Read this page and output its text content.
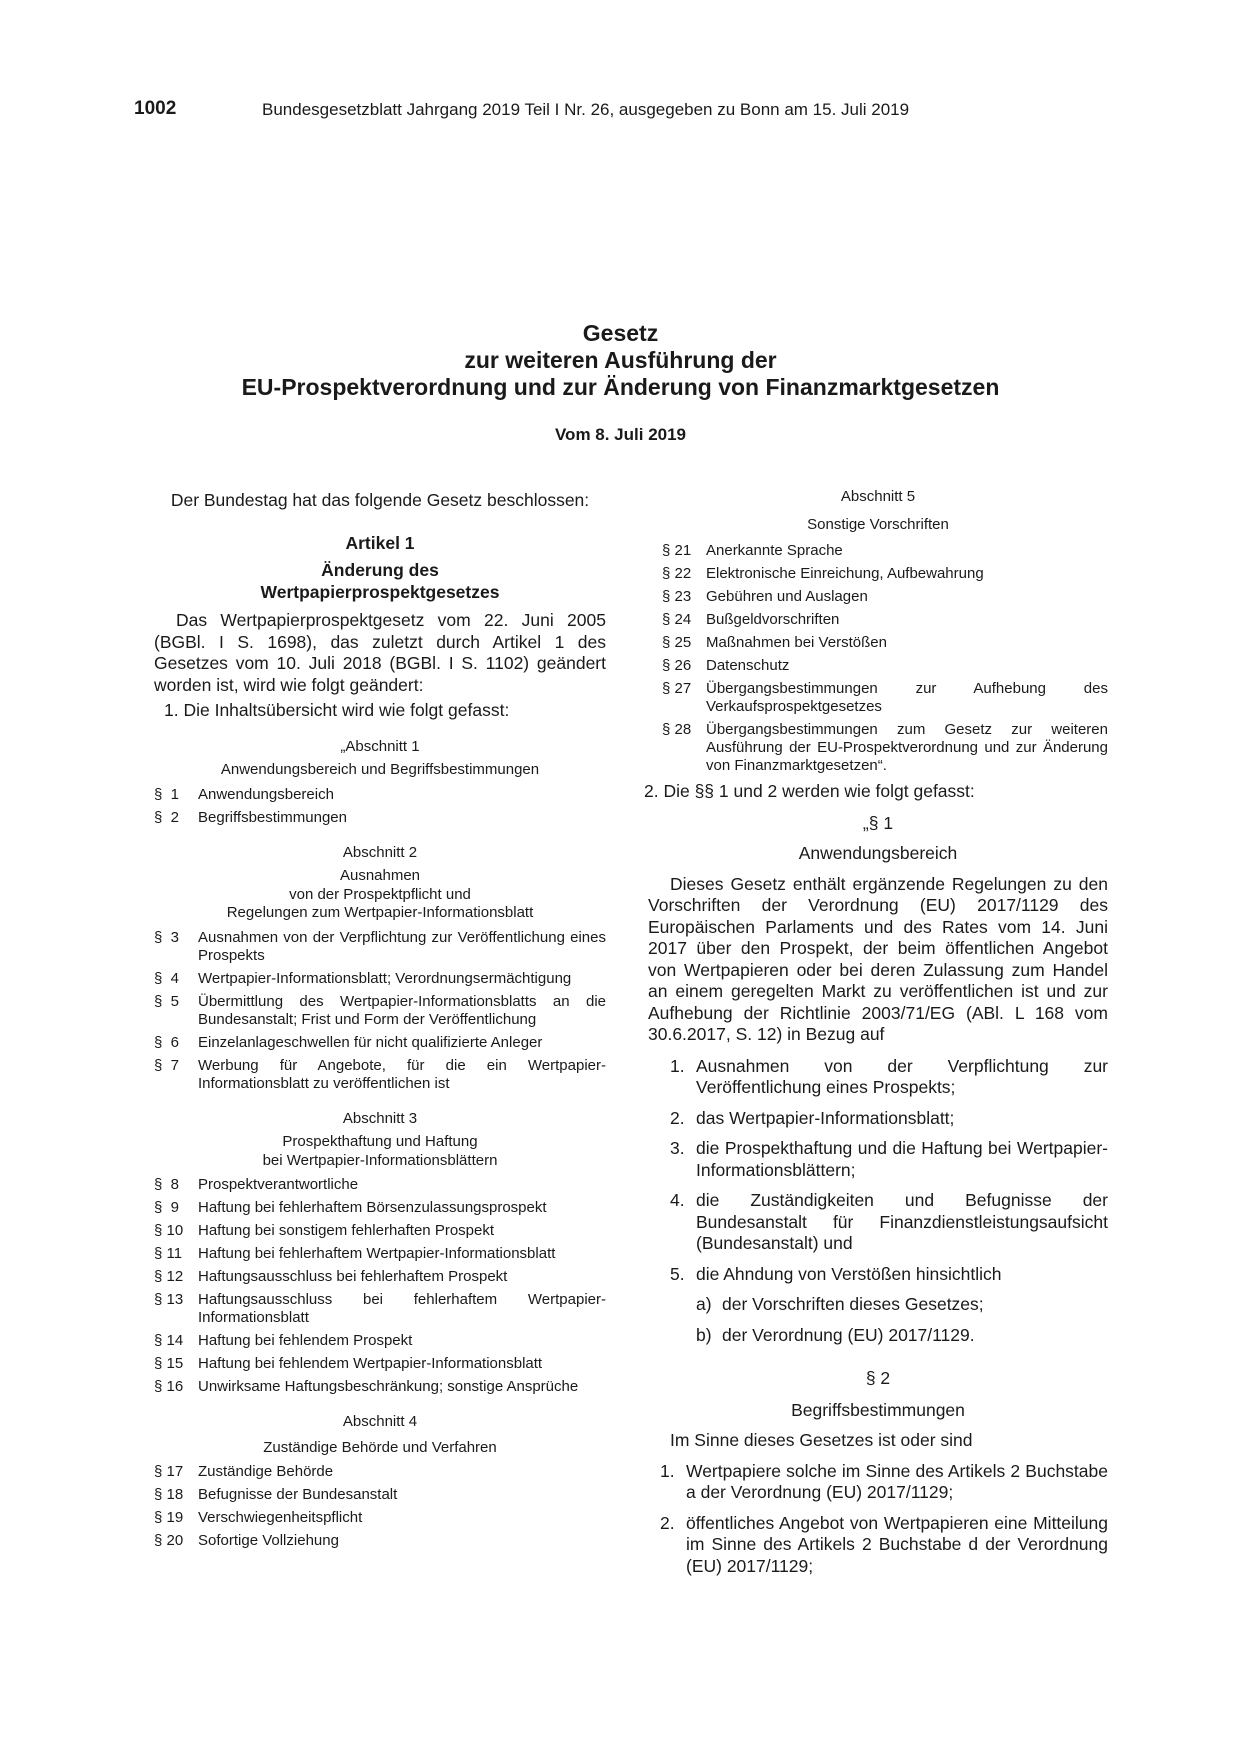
1002	Bundesgesetzblatt Jahrgang 2019 Teil I Nr. 26, ausgegeben zu Bonn am 15. Juli 2019
Gesetz
zur weiteren Ausführung der
EU-Prospektverordnung und zur Änderung von Finanzmarktgesetzen
Vom 8. Juli 2019
Der Bundestag hat das folgende Gesetz beschlossen:
Artikel 1
Änderung des
Wertpapierprospektgesetzes
Das Wertpapierprospektgesetz vom 22. Juni 2005 (BGBl. I S. 1698), das zuletzt durch Artikel 1 des Gesetzes vom 10. Juli 2018 (BGBl. I S. 1102) geändert worden ist, wird wie folgt geändert:
1. Die Inhaltsübersicht wird wie folgt gefasst:
„Abschnitt 1
Anwendungsbereich und Begriffsbestimmungen
§  1	Anwendungsbereich
§  2	Begriffsbestimmungen
Abschnitt 2
Ausnahmen
von der Prospektpflicht und
Regelungen zum Wertpapier-Informationsblatt
§  3	Ausnahmen von der Verpflichtung zur Veröffentlichung eines Prospekts
§  4	Wertpapier-Informationsblatt; Verordnungsermächtigung
§  5	Übermittlung des Wertpapier-Informationsblatts an die Bundesanstalt; Frist und Form der Veröffentlichung
§  6	Einzelanlageschwellen für nicht qualifizierte Anleger
§  7	Werbung für Angebote, für die ein Wertpapier-Informationsblatt zu veröffentlichen ist
Abschnitt 3
Prospekthaftung und Haftung
bei Wertpapier-Informationsblättern
§  8	Prospektverantwortliche
§  9	Haftung bei fehlerhaftem Börsenzulassungsprospekt
§ 10 Haftung bei sonstigem fehlerhaften Prospekt
§ 11	Haftung bei fehlerhaftem Wertpapier-Informationsblatt
§ 12 Haftungsausschluss bei fehlerhaftem Prospekt
§ 13 Haftungsausschluss bei fehlerhaftem Wertpapier-Informationsblatt
§ 14 Haftung bei fehlendem Prospekt
§ 15 Haftung bei fehlendem Wertpapier-Informationsblatt
§ 16 Unwirksame Haftungsbeschränkung; sonstige Ansprüche
Abschnitt 4
Zuständige Behörde und Verfahren
§ 17 Zuständige Behörde
§ 18 Befugnisse der Bundesanstalt
§ 19 Verschwiegenheitspflicht
§ 20 Sofortige Vollziehung
Abschnitt 5
Sonstige Vorschriften
§ 21 Anerkannte Sprache
§ 22 Elektronische Einreichung, Aufbewahrung
§ 23 Gebühren und Auslagen
§ 24 Bußgeldvorschriften
§ 25 Maßnahmen bei Verstößen
§ 26 Datenschutz
§ 27 Übergangsbestimmungen zur Aufhebung des Verkaufsprospektgesetzes
§ 28 Übergangsbestimmungen zum Gesetz zur weiteren Ausführung der EU-Prospektverordnung und zur Änderung von Finanzmarktgesetzen“.
2. Die §§ 1 und 2 werden wie folgt gefasst:
„§ 1
Anwendungsbereich
Dieses Gesetz enthält ergänzende Regelungen zu den Vorschriften der Verordnung (EU) 2017/1129 des Europäischen Parlaments und des Rates vom 14. Juni 2017 über den Prospekt, der beim öffentlichen Angebot von Wertpapieren oder bei deren Zulassung zum Handel an einem geregelten Markt zu veröffentlichen ist und zur Aufhebung der Richtlinie 2003/71/EG (ABl. L 168 vom 30.6.2017, S. 12) in Bezug auf
1. Ausnahmen von der Verpflichtung zur Veröffentlichung eines Prospekts;
2. das Wertpapier-Informationsblatt;
3. die Prospekthaftung und die Haftung bei Wertpapier-Informationsblättern;
4. die Zuständigkeiten und Befugnisse der Bundesanstalt für Finanzdienstleistungsaufsicht (Bundesanstalt) und
5. die Ahndung von Verstößen hinsichtlich
a) der Vorschriften dieses Gesetzes;
b) der Verordnung (EU) 2017/1129.
§ 2
Begriffsbestimmungen
Im Sinne dieses Gesetzes ist oder sind
1. Wertpapiere solche im Sinne des Artikels 2 Buchstabe a der Verordnung (EU) 2017/1129;
2. öffentliches Angebot von Wertpapieren eine Mitteilung im Sinne des Artikels 2 Buchstabe d der Verordnung (EU) 2017/1129;
